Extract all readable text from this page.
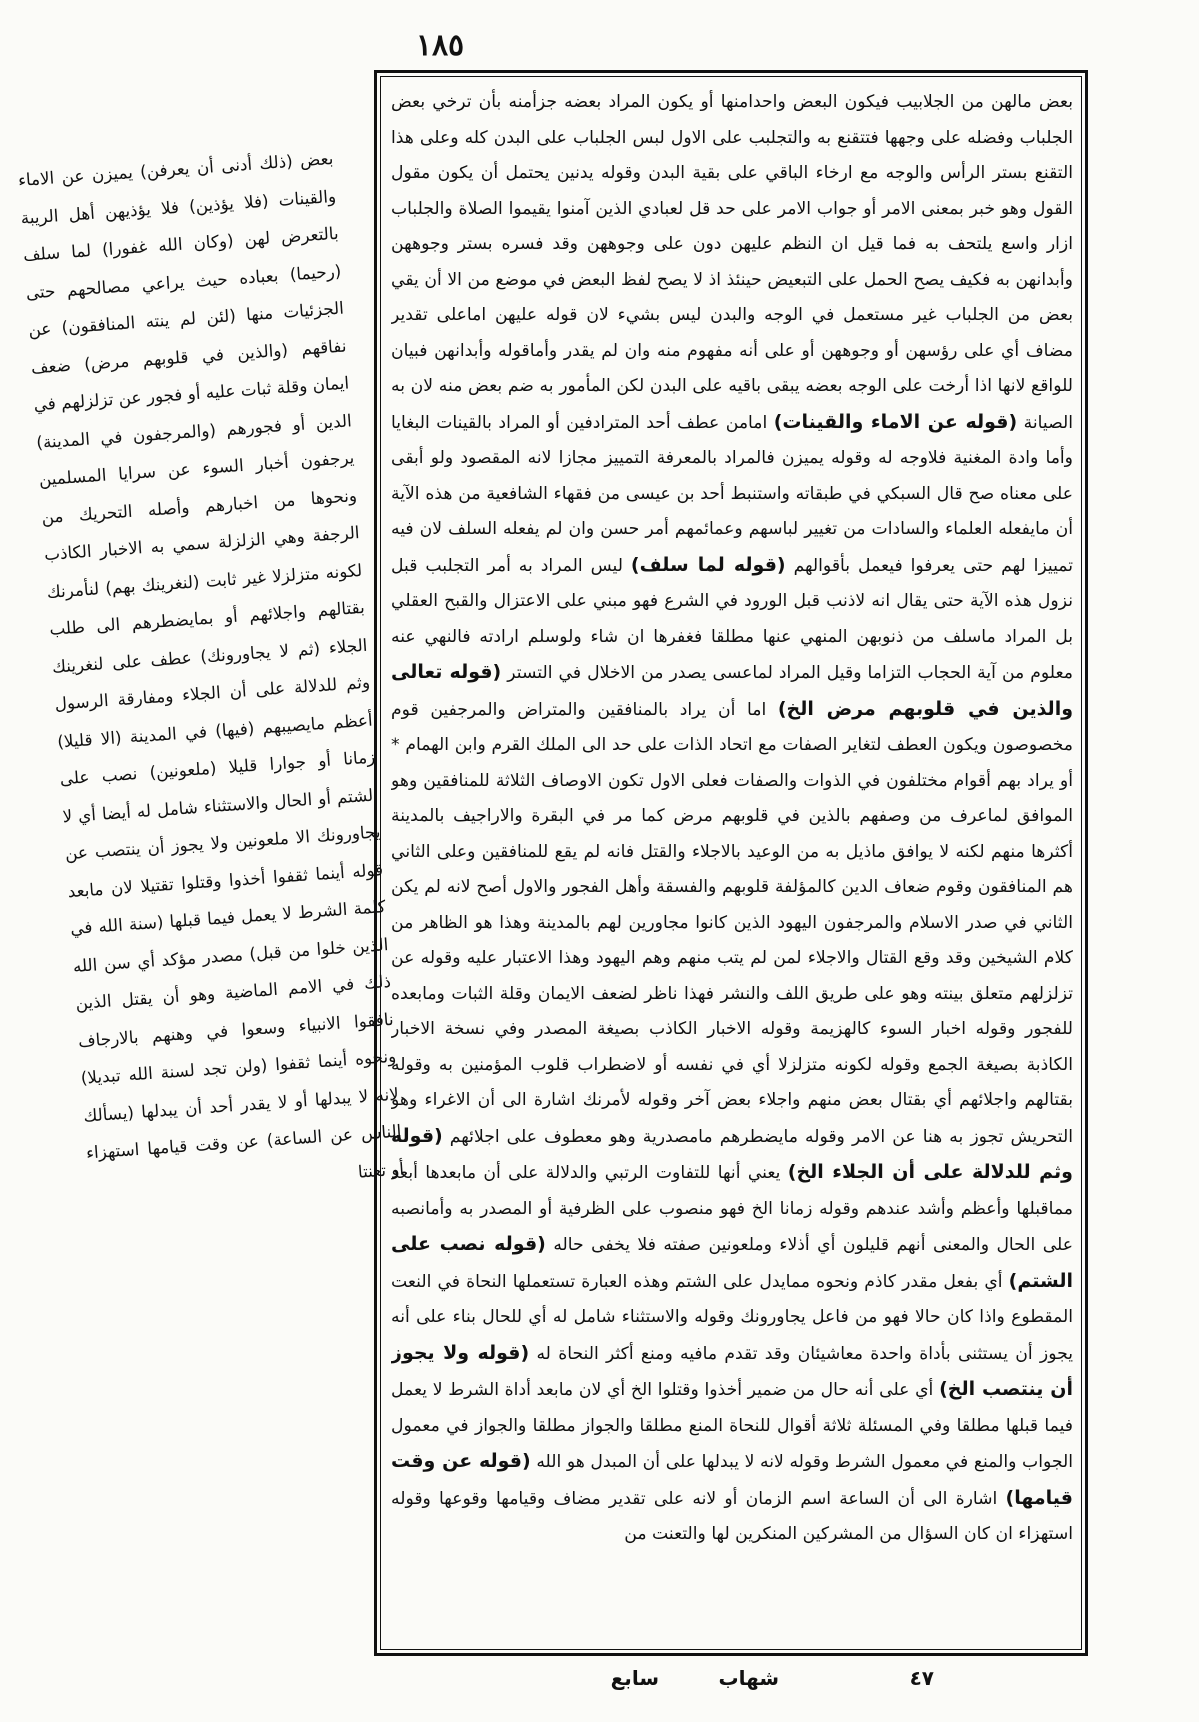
١٨٥
بعض (ذلك أدنى أن يعرفن) يميزن عن الاماء والقينات (فلا يؤذين) فلا يؤذيهن أهل الريبة بالتعرض لهن (وكان الله غفورا) لما سلف (رحيما) بعباده حيث يراعي مصالحهم حتى الجزئيات منها (لئن لم ينته المنافقون) عن نفاقهم (والذين في قلوبهم مرض) ضعف ايمان وقلة ثبات عليه أو فجور عن تزلزلهم في الدين أو فجورهم (والمرجفون في المدينة) يرجفون أخبار السوء عن سرايا المسلمين ونحوها من اخبارهم وأصله التحريك من الرجفة وهي الزلزلة سمي به الاخبار الكاذب لكونه متزلزلا غير ثابت (لنغرينك بهم) لنأمرنك بقتالهم واجلائهم أو بمايضطرهم الى طلب الجلاء (ثم لا يجاورونك) عطف على لنغرينك وثم للدلالة على أن الجلاء ومفارقة الرسول أعظم مايصيبهم (فيها) في المدينة (الا قليلا) زمانا أو جوارا قليلا (ملعونين) نصب على الشتم أو الحال والاستثناء شامل له أيضا أي لا يجاورونك الا ملعونين ولا يجوز أن ينتصب عن قوله أينما ثقفوا أخذوا وقتلوا تقتيلا لان مابعد كلمة الشرط لا يعمل فيما قبلها (سنة الله في الذين خلوا من قبل) مصدر مؤكد أي سن الله ذلك في الامم الماضية وهو أن يقتل الذين نافقوا الانبياء وسعوا في وهنهم بالارجاف ونحوه أينما ثقفوا (ولن تجد لسنة الله تبديلا) لانه لا يبدلها أو لا يقدر أحد أن يبدلها (يسألك الناس عن الساعة) عن وقت قيامها استهزاء أو تعنتا
بعض مالهن من الجلابيب فيكون البعض واحدامنها أو يكون المراد بعضه جزأمنه بأن ترخي بعض الجلباب وفضله على وجهها فتتقنع به والتجلبب على الاول لبس الجلباب على البدن كله وعلى هذا التقنع بستر الرأس والوجه مع ارخاء الباقي على بقية البدن وقوله يدنين يحتمل أن يكون مقول القول وهو خبر بمعنى الامر أو جواب الامر على حد قل لعبادي الذين آمنوا يقيموا الصلاة والجلباب ازار واسع يلتحف به فما قيل ان النظم عليهن دون على وجوههن وقد فسره بستر وجوههن وأبدانهن به فكيف يصح الحمل على التبعيض حينئذ اذ لا يصح لفظ البعض في موضع من الا أن يقي بعض من الجلباب غير مستعمل في الوجه والبدن ليس بشيء لان قوله عليهن اماعلى تقدير مضاف أي على رؤسهن أو وجوههن أو على أنه مفهوم منه وان لم يقدر وأماقوله وأبدانهن فبيان للواقع لانها اذا أرخت على الوجه بعضه يبقى باقيه على البدن لكن المأمور به ضم بعض منه لان به الصيانة (قوله عن الاماء والقينات) امامن عطف أحد المترادفين أو المراد بالقينات البغايا وأما وادة المغنية فلاوجه له وقوله يميزن فالمراد بالمعرفة التمييز مجازا لانه المقصود ولو أبقى على معناه صح قال السبكي في طبقاته واستنبط أحد بن عيسى من فقهاء الشافعية من هذه الآية أن مايفعله العلماء والسادات من تغيير لباسهم وعمائمهم أمر حسن وان لم يفعله السلف لان فيه تمييزا لهم حتى يعرفوا فيعمل بأقوالهم (قوله لما سلف) ليس المراد به أمر التجلبب قبل نزول هذه الآية حتى يقال انه لاذنب قبل الورود في الشرع فهو مبني على الاعتزال والقبح العقلي بل المراد ماسلف من ذنوبهن المنهي عنها مطلقا فغفرها ان شاء ولوسلم ارادته فالنهي عنه معلوم من آية الحجاب التزاما وقيل المراد لماعسى يصدر من الاخلال في التستر (قوله تعالى والذين في قلوبهم مرض الخ) اما أن يراد بالمنافقين والمتراض والمرجفين قوم مخصوصون ويكون العطف لتغاير الصفات مع اتحاد الذات على حد الى الملك القرم وابن الهمام * أو يراد بهم أقوام مختلفون في الذوات والصفات فعلى الاول تكون الاوصاف الثلاثة للمنافقين وهو الموافق لماعرف من وصفهم بالذين في قلوبهم مرض كما مر في البقرة والاراجيف بالمدينة أكثرها منهم لكنه لا يوافق ماذيل به من الوعيد بالاجلاء والقتل فانه لم يقع للمنافقين وعلى الثاني هم المنافقون وقوم ضعاف الدين كالمؤلفة قلوبهم والفسقة وأهل الفجور والاول أصح لانه لم يكن الثاني في صدر الاسلام والمرجفون اليهود الذين كانوا مجاورين لهم بالمدينة وهذا هو الظاهر من كلام الشيخين وقد وقع القتال والاجلاء لمن لم يتب منهم وهم اليهود وهذا الاعتبار عليه وقوله عن تزلزلهم متعلق بينته وهو على طريق اللف والنشر فهذا ناظر لضعف الايمان وقلة الثبات ومابعده للفجور وقوله اخبار السوء كالهزيمة وقوله الاخبار الكاذب بصيغة المصدر وفي نسخة الاخبار الكاذبة بصيغة الجمع وقوله لكونه متزلزلا أي في نفسه أو لاضطراب قلوب المؤمنين به وقوله بقتالهم واجلائهم أي بقتال بعض منهم واجلاء بعض آخر وقوله لأمرنك اشارة الى أن الاغراء وهو التحريش تجوز به هنا عن الامر وقوله مايضطرهم مامصدرية وهو معطوف على اجلائهم (قوله وثم للدلالة على أن الجلاء الخ) يعني أنها للتفاوت الرتبي والدلالة على أن مابعدها أبعد مماقبلها وأعظم وأشد عندهم وقوله زمانا الخ فهو منصوب على الظرفية أو المصدر به وأمانصبه على الحال والمعنى أنهم قليلون أي أذلاء وملعونين صفته فلا يخفى حاله (قوله نصب على الشتم) أي بفعل مقدر كاذم ونحوه ممايدل على الشتم وهذه العبارة تستعملها النحاة في النعت المقطوع واذا كان حالا فهو من فاعل يجاورونك وقوله والاستثناء شامل له أي للحال بناء على أنه يجوز أن يستثنى بأداة واحدة معاشيئان وقد تقدم مافيه ومنع أكثر النحاة له (قوله ولا يجوز أن ينتصب الخ) أي على أنه حال من ضمير أخذوا وقتلوا الخ أي لان مابعد أداة الشرط لا يعمل فيما قبلها مطلقا وفي المسئلة ثلاثة أقوال للنحاة المنع مطلقا والجواز مطلقا والجواز في معمول الجواب والمنع في معمول الشرط وقوله لانه لا يبدلها على أن المبدل هو الله (قوله عن وقت قيامها) اشارة الى أن الساعة اسم الزمان أو لانه على تقدير مضاف وقيامها وقوعها وقوله استهزاء ان كان السؤال من المشركين المنكرين لها والتعنت من
٤٧
شهاب
سابع
